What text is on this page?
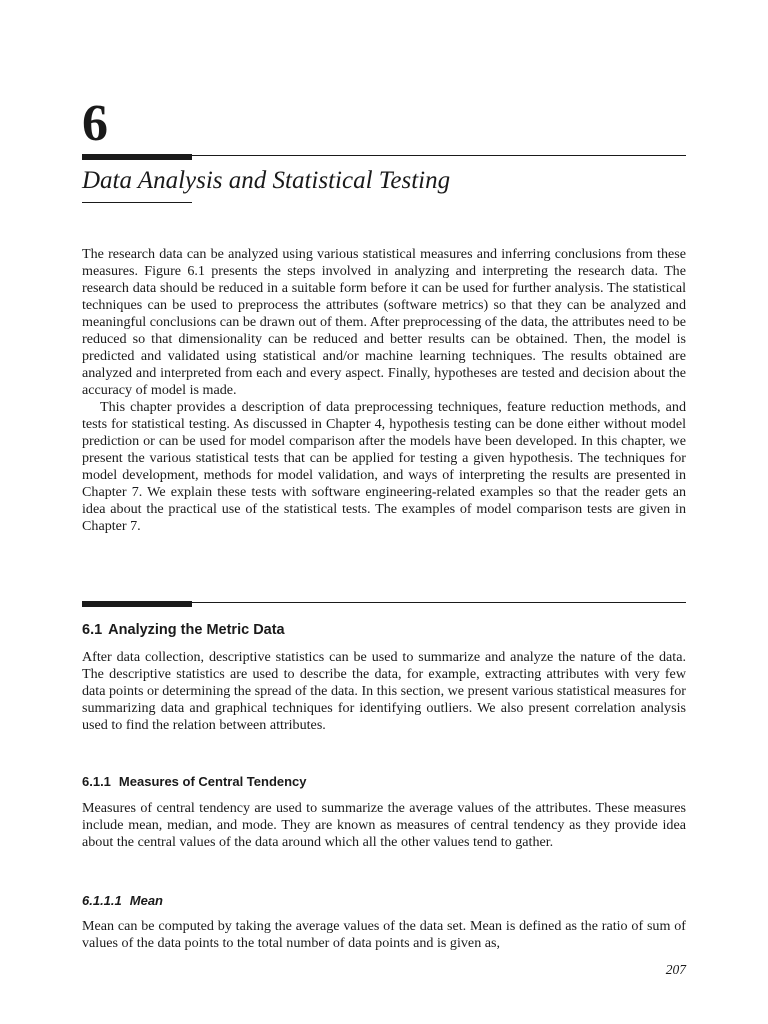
6
Data Analysis and Statistical Testing

The research data can be analyzed using various statistical measures and inferring conclusions from these measures. Figure 6.1 presents the steps involved in analyzing and interpreting the research data. The research data should be reduced in a suitable form before it can be used for further analysis. The statistical techniques can be used to preprocess the attributes (software metrics) so that they can be analyzed and meaningful conclusions can be drawn out of them. After preprocessing of the data, the attributes need to be reduced so that dimensionality can be reduced and better results can be obtained. Then, the model is predicted and validated using statistical and/or machine learning techniques. The results obtained are analyzed and interpreted from each and every aspect. Finally, hypotheses are tested and decision about the accuracy of model is made.

This chapter provides a description of data preprocessing techniques, feature reduction methods, and tests for statistical testing. As discussed in Chapter 4, hypothesis testing can be done either without model prediction or can be used for model comparison after the models have been developed. In this chapter, we present the various statistical tests that can be applied for testing a given hypothesis. The techniques for model development, methods for model validation, and ways of interpreting the results are presented in Chapter 7. We explain these tests with software engineering-related examples so that the reader gets an idea about the practical use of the statistical tests. The examples of model comparison tests are given in Chapter 7.

6.1 Analyzing the Metric Data

After data collection, descriptive statistics can be used to summarize and analyze the nature of the data. The descriptive statistics are used to describe the data, for example, extracting attributes with very few data points or determining the spread of the data. In this section, we present various statistical measures for summarizing data and graphical techniques for identifying outliers. We also present correlation analysis used to find the relation between attributes.

6.1.1 Measures of Central Tendency

Measures of central tendency are used to summarize the average values of the attributes. These measures include mean, median, and mode. They are known as measures of central tendency as they provide idea about the central values of the data around which all the other values tend to gather.

6.1.1.1 Mean

Mean can be computed by taking the average values of the data set. Mean is defined as the ratio of sum of values of the data points to the total number of data points and is given as,

207
